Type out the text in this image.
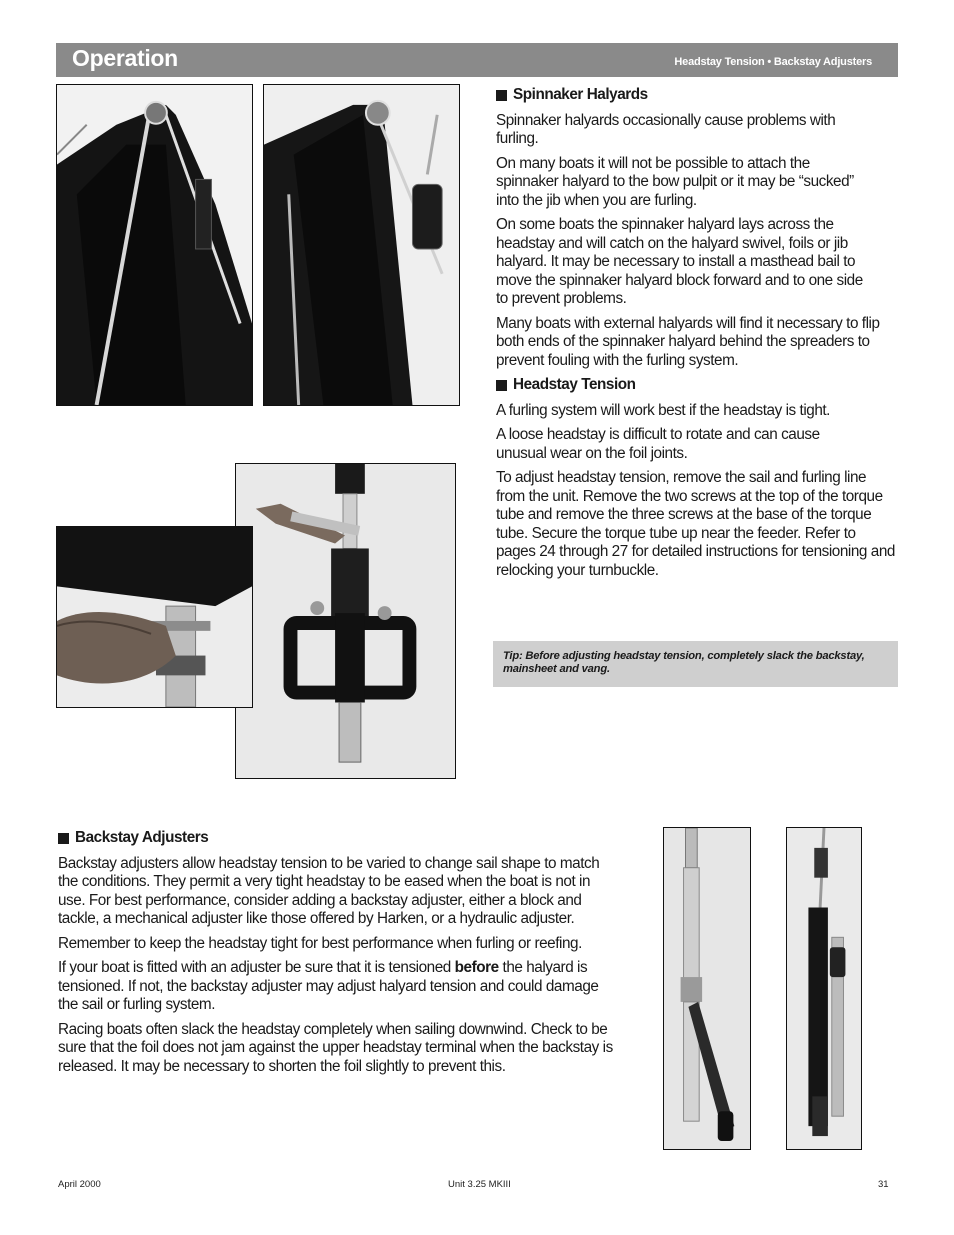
Operation	Headstay Tension • Backstay Adjusters
Spinnaker Halyards

Spinnaker halyards occasionally cause problems with furling.

On many boats it will not be possible to attach the spinnaker halyard to the bow pulpit or it may be “sucked” into the jib when you are furling.

On some boats the spinnaker halyard lays across the headstay and will catch on the halyard swivel, foils or jib halyard. It may be necessary to install a masthead bail to move the spinnaker halyard block forward and to one side to prevent problems.

Many boats with external halyards will find it necessary to flip both ends of the spinnaker halyard behind the spreaders to prevent fouling with the furling system.

Headstay Tension

A furling system will work best if the headstay is tight.

A loose headstay is difficult to rotate and can cause unusual wear on the foil joints.

To adjust headstay tension, remove the sail and furling line from the unit. Remove the two screws at the top of the torque tube and remove the three screws at the base of the torque tube. Secure the torque tube up near the feeder. Refer to pages 24 through 27 for detailed instructions for tensioning and relocking your turnbuckle.

Tip: Before adjusting headstay tension, completely slack the backstay, mainsheet and vang.
Backstay Adjusters

Backstay adjusters allow headstay tension to be varied to change sail shape to match the conditions. They permit a very tight headstay to be eased when the boat is not in use. For best performance, consider adding a backstay adjuster, either a block and tackle, a mechanical adjuster like those offered by Harken, or a hydraulic adjuster.

Remember to keep the headstay tight for best performance when furling or reefing.

If your boat is fitted with an adjuster be sure that it is tensioned before the halyard is tensioned. If not, the backstay adjuster may adjust halyard tension and could damage the sail or furling system.

Racing boats often slack the headstay completely when sailing downwind. Check to be sure that the foil does not jam against the upper headstay terminal when the backstay is released. It may be necessary to shorten the foil slightly to prevent this.

April 2000	Unit 3.25 MKIII	31
